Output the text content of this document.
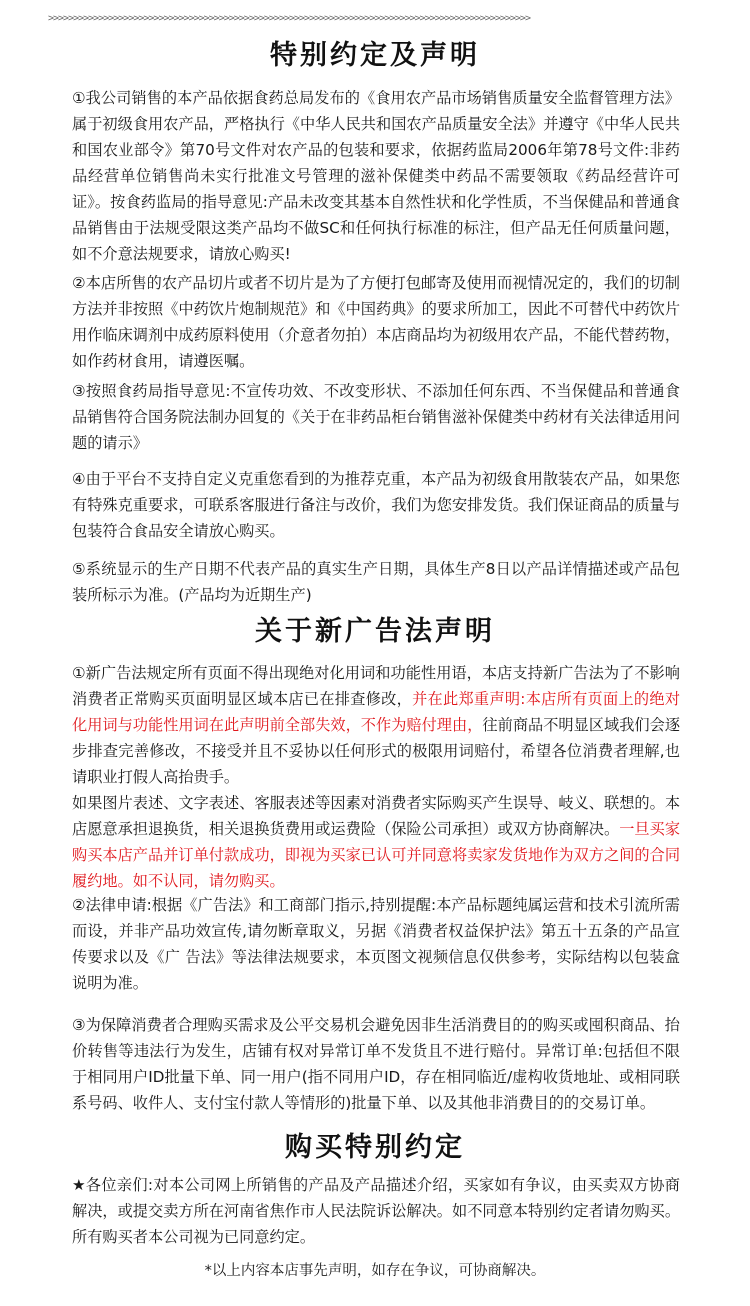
>>>>>>>>>>>>>>>>>>>>>>>>>>>>>>>>>>>>>>>>>>>>>>>>>>>>>>>>>>>>>>>>>>>>>>>>>>>>>>>>>>>>>>>>>>>>>>>>
特别约定及声明
①我公司销售的本产品依据食药总局发布的《食用农产品市场销售质量安全监督管理方法》属于初级食用农产品，严格执行《中华人民共和国农产品质量安全法》并遵守《中华人民共和国农业部令》第70号文件对农产品的包装和要求，依据药监局2006年第78号文件:非药品经营单位销售尚未实行批准文号管理的滋补保健类中药品不需要领取《药品经营许可证》。按食药监局的指导意见:产品未改变其基本自然性状和化学性质，不当保健品和普通食品销售由于法规受限这类产品均不做SC和任何执行标准的标注，但产品无任何质量问题，如不介意法规要求，请放心购买!
②本店所售的农产品切片或者不切片是为了方便打包邮寄及使用而视情况定的，我们的切制方法并非按照《中药饮片炮制规范》和《中国药典》的要求所加工，因此不可替代中药饮片用作临床调剂中成药原料使用（介意者勿拍）本店商品均为初级用农产品，不能代替药物，如作药材食用，请遵医嘱。
③按照食药局指导意见:不宣传功效、不改变形状、不添加任何东西、不当保健品和普通食品销售符合国务院法制办回复的《关于在非药品柜台销售滋补保健类中药材有关法律适用问题的请示》
④由于平台不支持自定义克重您看到的为推荐克重，本产品为初级食用散装农产品，如果您有特殊克重要求，可联系客服进行备注与改价，我们为您安排发货。我们保证商品的质量与包装符合食品安全请放心购买。
⑤系统显示的生产日期不代表产品的真实生产日期，具体生产8日以产品详情描述或产品包装所标示为准。(产品均为近期生产)
关于新广告法声明
①新广告法规定所有页面不得出现绝对化用词和功能性用语，本店支持新广告法为了不影响消费者正常购买页面明显区域本店已在排查修改，并在此郑重声明:本店所有页面上的绝对化用词与功能性用词在此声明前全部失效，不作为赔付理由，往前商品不明显区域我们会逐步排查完善修改，不接受并且不妥协以任何形式的极限用词赔付，希望各位消费者理解,也请职业打假人高抬贵手。
如果图片表述、文字表述、客服表述等因素对消费者实际购买产生误导、岐义、联想的。本店愿意承担退换货，相关退换货费用或运费险（保险公司承担）或双方协商解决。一旦买家购买本店产品并订单付款成功，即视为买家已认可并同意将卖家发货地作为双方之间的合同履约地。如不认同，请勿购买。
②法律申请:根据《广告法》和工商部门指示,持别提醒:本产品标题纯属运营和技术引流所需而设，并非产品功效宣传,请勿断章取义，另据《消费者权益保护法》第五十五条的产品宣传要求以及《广 告法》等法律法规要求，本页图文视频信息仅供参考，实际结构以包装盒说明为准。
③为保障消费者合理购买需求及公平交易机会避免因非生活消费目的的购买或囤积商品、抬价转售等违法行为发生，店铺有权对异常订单不发货且不进行赔付。异常订单:包括但不限于相同用户ID批量下单、同一用户(指不同用户ID，存在相同临近/虚构收货地址、或相同联系号码、收件人、支付宝付款人等情形的)批量下单、以及其他非消费目的的交易订单。
购买特别约定
★各位亲们:对本公司网上所销售的产品及产品描述介绍，买家如有争议，由买卖双方协商解决，或提交卖方所在河南省焦作市人民法院诉讼解决。如不同意本特别约定者请勿购买。所有购买者本公司视为已同意约定。
*以上内容本店事先声明，如存在争议，可协商解决。
